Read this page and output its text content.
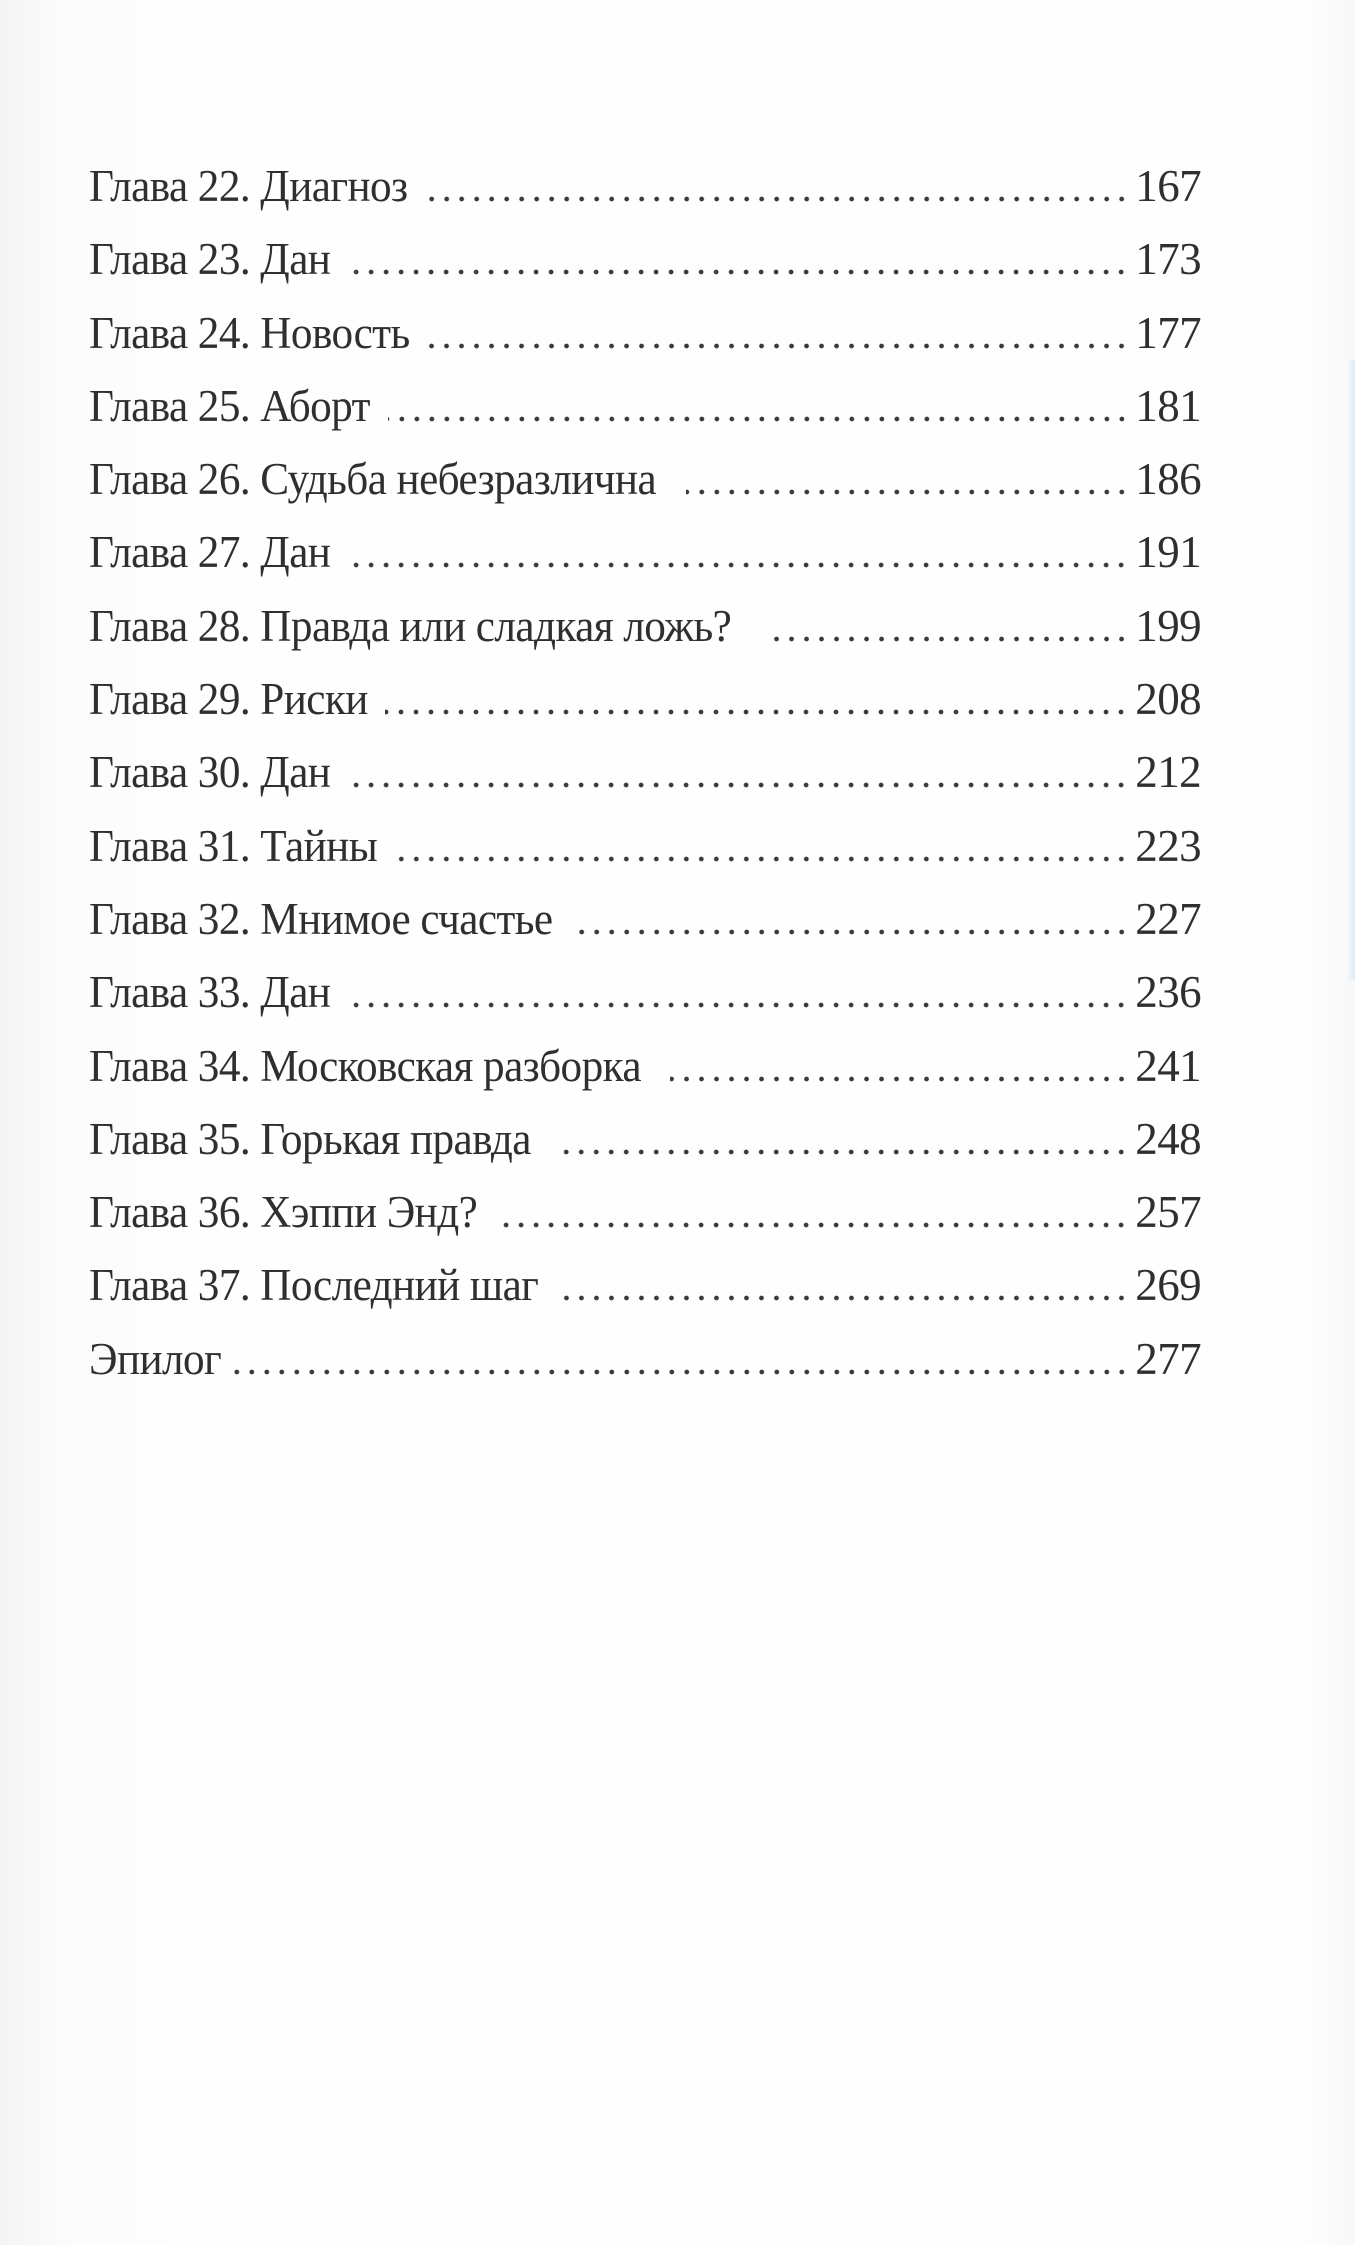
Глава 22. Диагноз	167
Глава 23. Дан	173
Глава 24. Новость	177
Глава 25. Аборт	181
Глава 26. Судьба небезразлична	186
Глава 27. Дан	191
Глава 28. Правда или сладкая ложь?	199
Глава 29. Риски	208
Глава 30. Дан	212
Глава 31. Тайны	223
Глава 32. Мнимое счастье	227
Глава 33. Дан	236
Глава 34. Московская разборка	241
Глава 35. Горькая правда	248
Глава 36. Хэппи Энд?	257
Глава 37. Последний шаг	269
Эпилог	277
